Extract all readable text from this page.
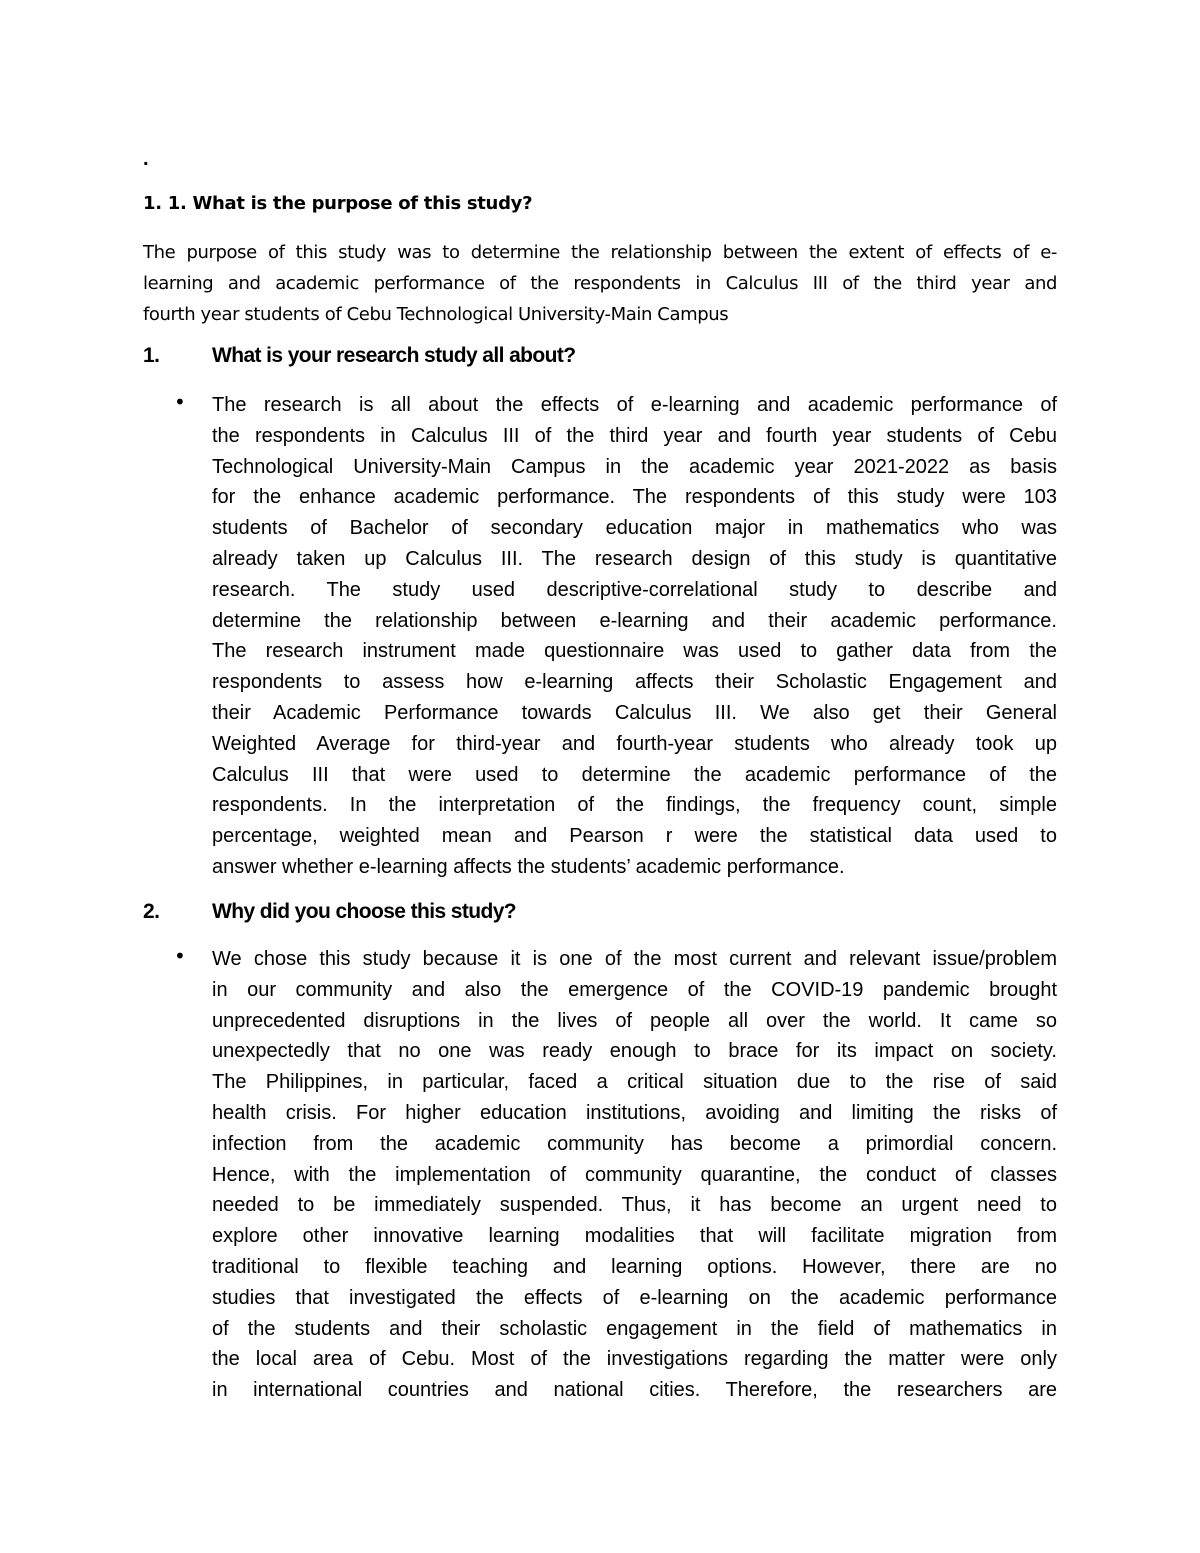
.
1. 1. What is the purpose of this study?
The purpose of this study was to determine the relationship between the extent of effects of e-
learning and academic performance of the respondents in Calculus III of the third year and
fourth year students of Cebu Technological University-Main Campus
1.	What is your research study all about?
• The research is all about the effects of e-learning and academic performance of
the respondents in Calculus III of the third year and fourth year students of Cebu
Technological University-Main Campus in the academic year 2021-2022 as basis
for the enhance academic performance. The respondents of this study were 103
students of Bachelor of secondary education major in mathematics who was
already taken up Calculus III. The research design of this study is quantitative
research. The study used descriptive-correlational study to describe and
determine the relationship between e-learning and their academic performance.
The research instrument made questionnaire was used to gather data from the
respondents to assess how e-learning affects their Scholastic Engagement and
their Academic Performance towards Calculus III. We also get their General
Weighted Average for third-year and fourth-year students who already took up
Calculus III that were used to determine the academic performance of the
respondents. In the interpretation of the findings, the frequency count, simple
percentage, weighted mean and Pearson r were the statistical data used to
answer whether e-learning affects the students’ academic performance.
2.	Why did you choose this study?
• We chose this study because it is one of the most current and relevant issue/problem
in our community and also the emergence of the COVID-19 pandemic brought
unprecedented disruptions in the lives of people all over the world. It came so
unexpectedly that no one was ready enough to brace for its impact on society.
The Philippines, in particular, faced a critical situation due to the rise of said
health crisis. For higher education institutions, avoiding and limiting the risks of
infection from the academic community has become a primordial concern.
Hence, with the implementation of community quarantine, the conduct of classes
needed to be immediately suspended. Thus, it has become an urgent need to
explore other innovative learning modalities that will facilitate migration from
traditional to flexible teaching and learning options. However, there are no
studies that investigated the effects of e-learning on the academic performance
of the students and their scholastic engagement in the field of mathematics in
the local area of Cebu. Most of the investigations regarding the matter were only
in international countries and national cities. Therefore, the researchers are
